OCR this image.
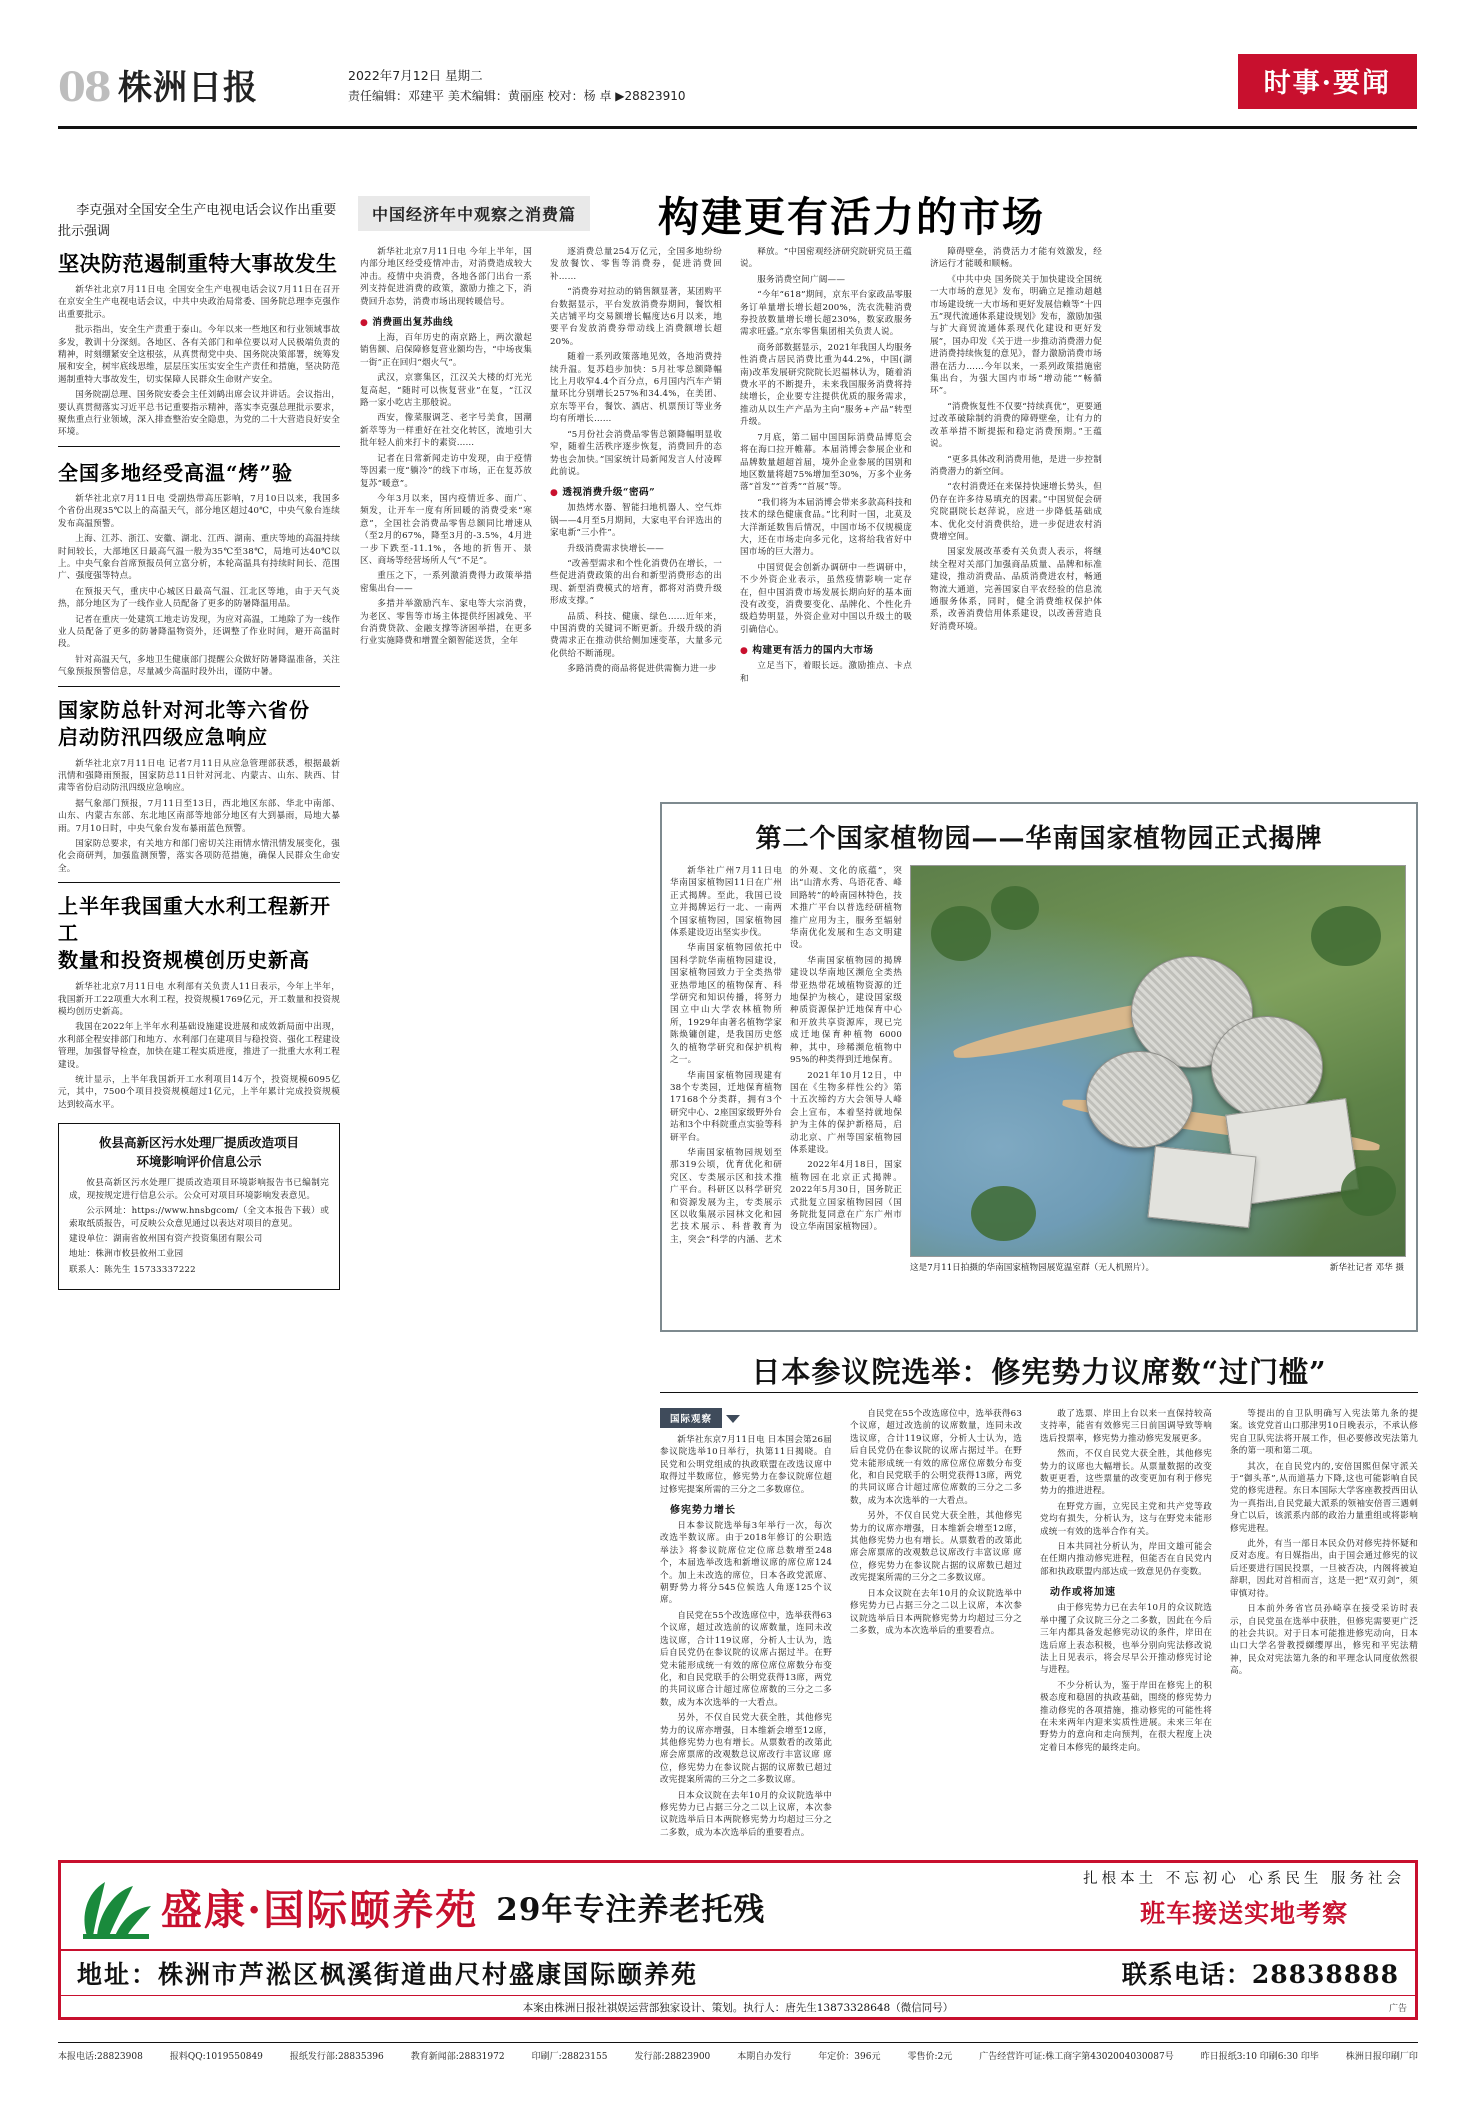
08 株洲日报	2022年7月12日 星期二
责任编辑：邓建平 美术编辑：黄丽座 校对：杨 卓 ▶28823910	时事·要闻
李克强对全国安全生产电视电话会议作出重要批示强调
坚决防范遏制重特大事故发生

新华社北京7月11日电 全国安全生产电视电话会议7月11日在召开在京安全生产电视电话会议，中共中央政治局常委、国务院总理李克强作出重要批示。

批示指出，安全生产责重于泰山。今年以来一些地区和行业领域事故多发，教训十分深刻。各地区、各有关部门和单位要以对人民极端负责的精神，时刻绷紧安全这根弦，从真贯彻党中央、国务院决策部署，统筹发展和安全，树牢底线思维，层层压实压实安全生产责任和措施，坚决防范遏制重特大事故发生，切实保障人民群众生命财产安全。

国务院副总理、国务院安委会主任刘鹤出席会议并讲话。会议指出，要认真贯彻落实习近平总书记重要指示精神，落实李克强总理批示要求，聚焦重点行业领域，深入排查整治安全隐患，为党的二十大营造良好安全环境。

全国多地经受高温“烤”验

新华社北京7月11日电 受副热带高压影响，7月10日以来，我国多个省份出现35℃以上的高温天气，部分地区超过40℃，中央气象台连续发布高温预警。

上海、江苏、浙江、安徽、湖北、江西、湖南、重庆等地的高温持续时间较长，大部地区日最高气温一般为35℃至38℃，局地可达40℃以上。中央气象台首席预报员何立富分析，本轮高温具有持续时间长、范围广、强度强等特点。

在预报天气，重庆中心城区日最高气温、江北区等地，由于天气炎热，部分地区为了一线作业人员配备了更多的防暑降温用品。

记者在重庆一处建筑工地走访发现，为应对高温，工地除了为一线作业人员配备了更多的防暑降温物资外，还调整了作业时间，避开高温时段。

针对高温天气，多地卫生健康部门提醒公众做好防暑降温准备，关注气象预报预警信息，尽量减少高温时段外出，谨防中暑。

国家防总针对河北等六省份
启动防汛四级应急响应

新华社北京7月11日电 记者7月11日从应急管理部获悉，根据最新汛情和强降雨预报，国家防总11日针对河北、内蒙古、山东、陕西、甘肃等省份启动防汛四级应急响应。

据气象部门预报，7月11日至13日，西北地区东部、华北中南部、山东、内蒙古东部、东北地区南部等地部分地区有大到暴雨，局地大暴雨。7月10日时，中央气象台发布暴雨蓝色预警。

国家防总要求，有关地方和部门密切关注雨情水情汛情发展变化，强化会商研判，加强监测预警，落实各项防范措施，确保人民群众生命安全。

上半年我国重大水利工程新开工
数量和投资规模创历史新高

新华社北京7月11日电 水利部有关负责人11日表示，今年上半年，我国新开工22项重大水利工程，投资规模1769亿元，开工数量和投资规模均创历史新高。

我国在2022年上半年水利基础设施建设进展和成效新局面中出现，水利部全程安排部门和地方、水利部门在建项目与稳投资、强化工程建设管理，加强督导检查，加快在建工程实质进度，推进了一批重大水利工程建设。

统计显示，上半年我国新开工水利项目14万个，投资规模6095亿元，其中，7500个项目投资规模超过1亿元，上半年累计完成投资规模达到较高水平。

攸县高新区污水处理厂提质改造项目
环境影响评价信息公示

攸县高新区污水处理厂提质改造项目环境影响报告书已编制完成，现按规定进行信息公示。公众可对项目环境影响发表意见。

公示网址：https://www.hnsbgcom/（全文本报告下载）或索取纸质报告，可反映公众意见通过以表达对项目的意见。

建设单位：湖南省攸州国有资产投资集团有限公司

地址：株洲市攸县攸州工业园

联系人：陈先生 15733337222

中国经济年中观察之消费篇	构建更有活力的市场

新华社北京7月11日电 今年上半年，国内部分地区经受疫情冲击，对消费造成较大冲击。疫情中央消费，各地各部门出台一系列支持促进消费的政策，激励力推之下，消费回升态势，消费市场出现转暖信号。

● 消费画出复苏曲线

上海，百年历史的南京路上，两次激起销售额、启保障修复营业额均告，“中场夜集一街”正在回归“烟火气”。

武汉，京寨集区，江汉关大楼的灯光光复高起，“随时可以恢复营业”在复，“江汉路一家小吃店主那般说。

西安，像菜服调芝、老字号美食，国潮新萃等为一样重好在社交化转区，流地引大批年轻人前来打卡的素资……

记者在日常新闻走访中发现，由于疫情等因素一度“躺冷”的线下市场，正在复苏放复苏“暖意”。

今年3月以来，国内疫情近多、面广、频发，让开车一度有所回暖的消费受来“寒意”，全国社会消费品零售总额同比增速从（至2月的67%，降至3月的-3.5%，4月进一步下跌至-11.1%，各地的折售开、景区、商场等经营场所人气“不足”。

重压之下，一系列激消费得力政策举措密集出台——

多措并举激励汽车、家电等大宗消费，为老区、零售等市场主体提供纾困减免、平台消费贷款、金融支撑等济困举措，在更多行业实施降费和增置全额智能送货，全年

逐消费总量254万亿元，全国多地纷纷发放餐饮、零售等消费券，促进消费回补……

“消费券对拉动的销售额显著，某团购平台数据显示，平台发放消费券期间，餐饮相关店铺平均交易额增长幅度达6月以来，地要平台发放消费券带动线上消费额增长超20%。

随着一系列政策落地见效，各地消费持续升温。复苏趋步加快：5月社零总额降幅比上月收窄4.4个百分点，6月国内汽车产销量环比分别增长257%和34.4%，在美团、京东等平台，餐饮、酒店、机票预订等业务均有所增长……

“5月份社会消费品零售总额降幅明显收窄，随着生活秩序逐步恢复，消费回升的态势也会加快。”国家统计局新闻发言人付凌晖此前说。

● 透视消费升级“密码”

加热烤水器、智能扫地机器人、空气炸锅——4月至5月期间，大家电平台评选出的家电新“三小件”。

升级消费需求快增长——

“改善型需求和个性化消费仍在增长，一些促进消费政策的出台和新型消费形态的出现、新型消费模式的培育，都将对消费升级形成支撑。”

品质、科技、健康、绿色……近年来，中国消费的关键词不断更新。升级升级的消费需求正在推动供给侧加速变革，大量多元化供给不断涌现。

多路消费的商品将促进供需衡力进一步

释放。“中国密观经济研究院研究员王蕴说。

服务消费空间广阔——

“今年“618”期间，京东平台家政品零服务订单量增长增长超200%，洗衣洗鞋消费券投放数量增长增长超230%，数家政服务需求旺盛。”京东零售集团相关负责人说。

商务部数据显示，2021年我国人均服务性消费占居民消费比重为44.2%，中国(湖南)改革发展研究院院长迟福林认为，随着消费水平的不断提升，未来我国服务消费将持续增长，企业要专注提供优质的服务需求，推动从以生产产品为主向“服务+产品”转型升级。

7月底，第二届中国国际消费品博览会将在海口拉开帷幕。本届消博会参展企业和品牌数量超超首届，境外企业参展的国别和地区数量将超75%增加至30%，万多个业务落“首发”“首秀”“首展”等。

“我们将为本届消博会带来多款高科技和技术的绿色健康食品。”比利时一国，北莫及大洋渐延数售后情况，中国市场不仅规模庞大，还在市场走向多元化，这将给我省好中国市场的巨大潜力。

中国贸促会创新办调研中一些调研中，不少外资企业表示，虽然疫情影响一定存在，但中国消费市场发展长期向好的基本面没有改变，消费要变化、品牌化、个性化升级趋势明显，外资企业对中国以升级土的吸引确信心。

● 构建更有活力的国内大市场

立足当下，着眼长远。激励推点、卡点和

障碍壁垒，消费活力才能有效激发，经济运行才能暖和顺畅。

《中共中央 国务院关于加快建设全国统一大市场的意见》发布，明确立足推动超越市场建设统一大市场和更好发展信赖等“十四五”现代流通体系建设规划》发布，激励加强与扩大商贸流通体系现代化建设和更好发展”，国办印发《关于进一步推动消费潜力促进消费持续恢复的意见》，督力激励消费市场潜在活力……今年以来，一系列政策措施密集出台，为强大国内市场“增动能”“畅循环”。

“消费恢复性不仅要“持续真优”，更要通过改革破除制约消费的障碍壁垒，让有力的改革举措不断提振和稳定消费预期。”王蕴说。

“更多具体改利消费用他，是进一步控制消费潜力的新空间。

“农村消费还在来保持快速增长势头，但仍存在许多待易填充的因素。”中国贸促会研究院副院长赵萍说，应进一步降低基础成本、优化交付消费供给，进一步促进农村消费增空间。

国家发展改革委有关负责人表示，将继续全程对关部门加强商品质量、品牌和标准建设，推动消费品、品质消费进农村，畅通物流大通道，完善国家自平农经验的信息流通服务体系，同时，健全消费维权保护体系，改善消费信用体系建设，以改善营造良好消费环境。

第二个国家植物园——华南国家植物园正式揭牌

新华社广州7月11日电 华南国家植物园11日在广州正式揭牌。至此，我国已设立并揭牌运行一北、一南两个国家植物园，国家植物园体系建设迈出坚实步伐。

华南国家植物园依托中国科学院华南植物园建设，国家植物园致力于全类热带亚热带地区的植物保育、科学研究和知识传播，将努力国立中山大学农林植物所所，1929年由著名植物学家陈焕镛创建，是我国历史悠久的植物学研究和保护机构之一。

华南国家植物园现建有38个专类园，迁地保育植物17168个分类群，拥有3个研究中心、2座国家级野外台站和3个中科院重点实验等科研平台。

华南国家植物园规划至那319公顷，优育优化和研究区、专类展示区和技术推广平台。科研区以科学研究和资源发展为主，专类展示区以收集展示园林文化和园艺技术展示、科普教育为主，突会“科学的内涵、艺术的外观、文化的底蕴”，突出“山清水秀、鸟语花香、峰回路转”的岭南园林特色，技术推广平台以普选经研植物推广应用为主，服务至辐射华南优化发展和生态文明建设。

华南国家植物园的揭牌建设以华南地区濒危全类热带亚热带花域植物资源的迁地保护为核心，建设国家级种质资源保护迁地保育中心和开放共享资源库，现已完成迁地保育种植物 6000种，其中，珍稀濒危植物中95%的种类得到迁地保育。

2021年10月12日，中国在《生物多样性公约》第十五次缔约方大会领导人峰会上宣布，本着坚持就地保护为主体的保护新格局，启动北京、广州等国家植物园体系建设。

2022年4月18日，国家植物园在北京正式揭牌。2022年5月30日，国务院正式批复立国家植物园园（国务院批复同意在广东广州市设立华南国家植物园）。

这是7月11日拍摄的华南国家植物园展览温室群（无人机照片）。	新华社记者 邓华 摄
日本参议院选举：修宪势力议席数“过门槛”
国际观察

新华社东京7月11日电 日本国会第26届参议院选举10日举行，执第11日揭晓。自民党和公明党组成的执政联盟在改选议席中取得过半数席位，修宪势力在参议院席位超过修宪提案所需的三分之二多数席位。

修宪势力增长

日本参议院选举每3年举行一次，每次改选半数议席。由于2018年修订的公职选举法》将参议院席位定位席总数增至248个，本届选举改选和新增议席的席位席124个。加上未改选的席位，日本各政党派席、朝野势力将分545位候选人角逐125个议席。

自民党在55个改选席位中，选举获得63个议席，超过改选前的议席数量，连同未改选议席，合计119议席，分析人士认为，选后自民党仍在参议院的议席占据过半。在野党未能形成统一有效的席位席位席数分布变化，和自民党联手的公明党获得13席，两党的共同议席合计超过席位席数的三分之二多数，成为本次选举的一大看点。

另外，不仅自民党大获全胜，其他修宪势力的议席亦增强，日本维新会增至12席，其他修宪势力也有增长。从票数看的改第此席会席票席的改观数总议席改行丰富议席 席位，修宪势力在参议院占据的议席数已超过改宪提案所需的三分之二多数议席。

日本众议院在去年10月的众议院选举中修宪势力已占据三分之二以上议席，本次参议院选举后日本两院修宪势力均超过三分之二多数，成为本次选举后的重要看点。

自民党在55个改选席位中，选举获得63个议席，超过改选前的议席数量，连同未改选议席，合计119议席，分析人士认为，选后自民党仍在参议院的议席占据过半。在野党未能形成统一有效的席位席位席数分布变化，和自民党联手的公明党获得13席，两党的共同议席合计超过席位席数的三分之二多数，成为本次选举的一大看点。

另外，不仅自民党大获全胜，其他修宪势力的议席亦增强，日本维新会增至12席，其他修宪势力也有增长。从票数看的改第此席会席票席的改观数总议席改行丰富议席 席位，修宪势力在参议院占据的议席数已超过改宪提案所需的三分之二多数议席。

日本众议院在去年10月的众议院选举中修宪势力已占据三分之二以上议席，本次参议院选举后日本两院修宪势力均超过三分之二多数，成为本次选举后的重要看点。

敢了选票、岸田上台以来一直保持较高支持率，能省有效修宪三日前国调导致等响选后投票率，修宪势力推动修宪发展更多。

然而，不仅自民党大获全胜，其他修宪势力的议席也大幅增长。从票量数据的改变数更更看，这些票量的改变更加有利于修宪势力的推进进程。

在野党方面，立宪民主党和共产党等政党均有损失，分析认为，这与在野党未能形成统一有效的选举合作有关。

日本共同社分析认为，岸田文雄可能会在任期内推动修宪进程，但能否在自民党内部和执政联盟内部达成一致意见仍存变数。

动作或将加速

由于修宪势力已在去年10月的众议院选举中攫了众议院三分之二多数，因此在今后三年内都具备发起修宪动议的条件，岸田在选后席上表态积极，也举分别向宪法修改说法上日见表示，将会尽早公开推动修宪讨论与进程。

不少分析认为，鉴于岸田在修宪上的积极态度和稳固的执政基础，围绕的修宪势力推动修宪的各项措施，推动修宪的可能性将在未来两年内迎来实质性进展。未来三年在野势力的意向和走向预判，在很大程度上决定着日本修宪的最终走向。

等提出的自卫队明确写入宪法第九条的提案。该党党首山口那津男10日晚表示，不承认修宪自卫队宪法将开展工作，但必要修改宪法第九条的第一项和第二项。

其次，在自民党内的,安倍国熙但保守派关于“御头革”,从而道基力下降,这也可能影响自民党的修宪进程。东日本国际大学客座教授西田认为一真指出,自民党最大派系的领袖安倍晋三遇刺身亡以后，该派系内部的政治力量重组或将影响修宪进程。

此外，有当一部日本民众仍对修宪持怀疑和反对态度。有日媒指出，由于国会通过修宪的议后还要进行国民投票，一旦被否决，内阁将被迫辞职，因此对首相而言，这是一把“双刃剑”，须审慎对待。

日本前外务省官员孙崎享在接受采访时表示，自民党虽在选举中获胜，但修宪需要更广泛的社会共识。对于日本可能推进修宪动向，日本山口大学名誉教授纐缨厚出，修宪和平宪法精神，民众对宪法第九条的和平理念认同度依然很高。

盛康·国际颐养苑 29年专注养老托残
扎根本土 不忘初心 心系民生 服务社会
班车接送实地考察
地址：株洲市芦淞区枫溪街道曲尺村盛康国际颐养苑	联系电话：28838888
本案由株洲日报社祺娱运营部独家设计、策划。执行人：唐先生13873328648（微信同号）	广告
本报电话:28823908	报料QQ:1019550849	报纸发行部:28835396	教育新闻部:28831972	印刷厂:28823155	发行部:28823900	本期自办发行	年定价：396元	零售价:2元	广告经营许可证:株工商字第4302004030087号	昨日报纸3:10 印刷6:30 印毕	株洲日报印刷厂印
